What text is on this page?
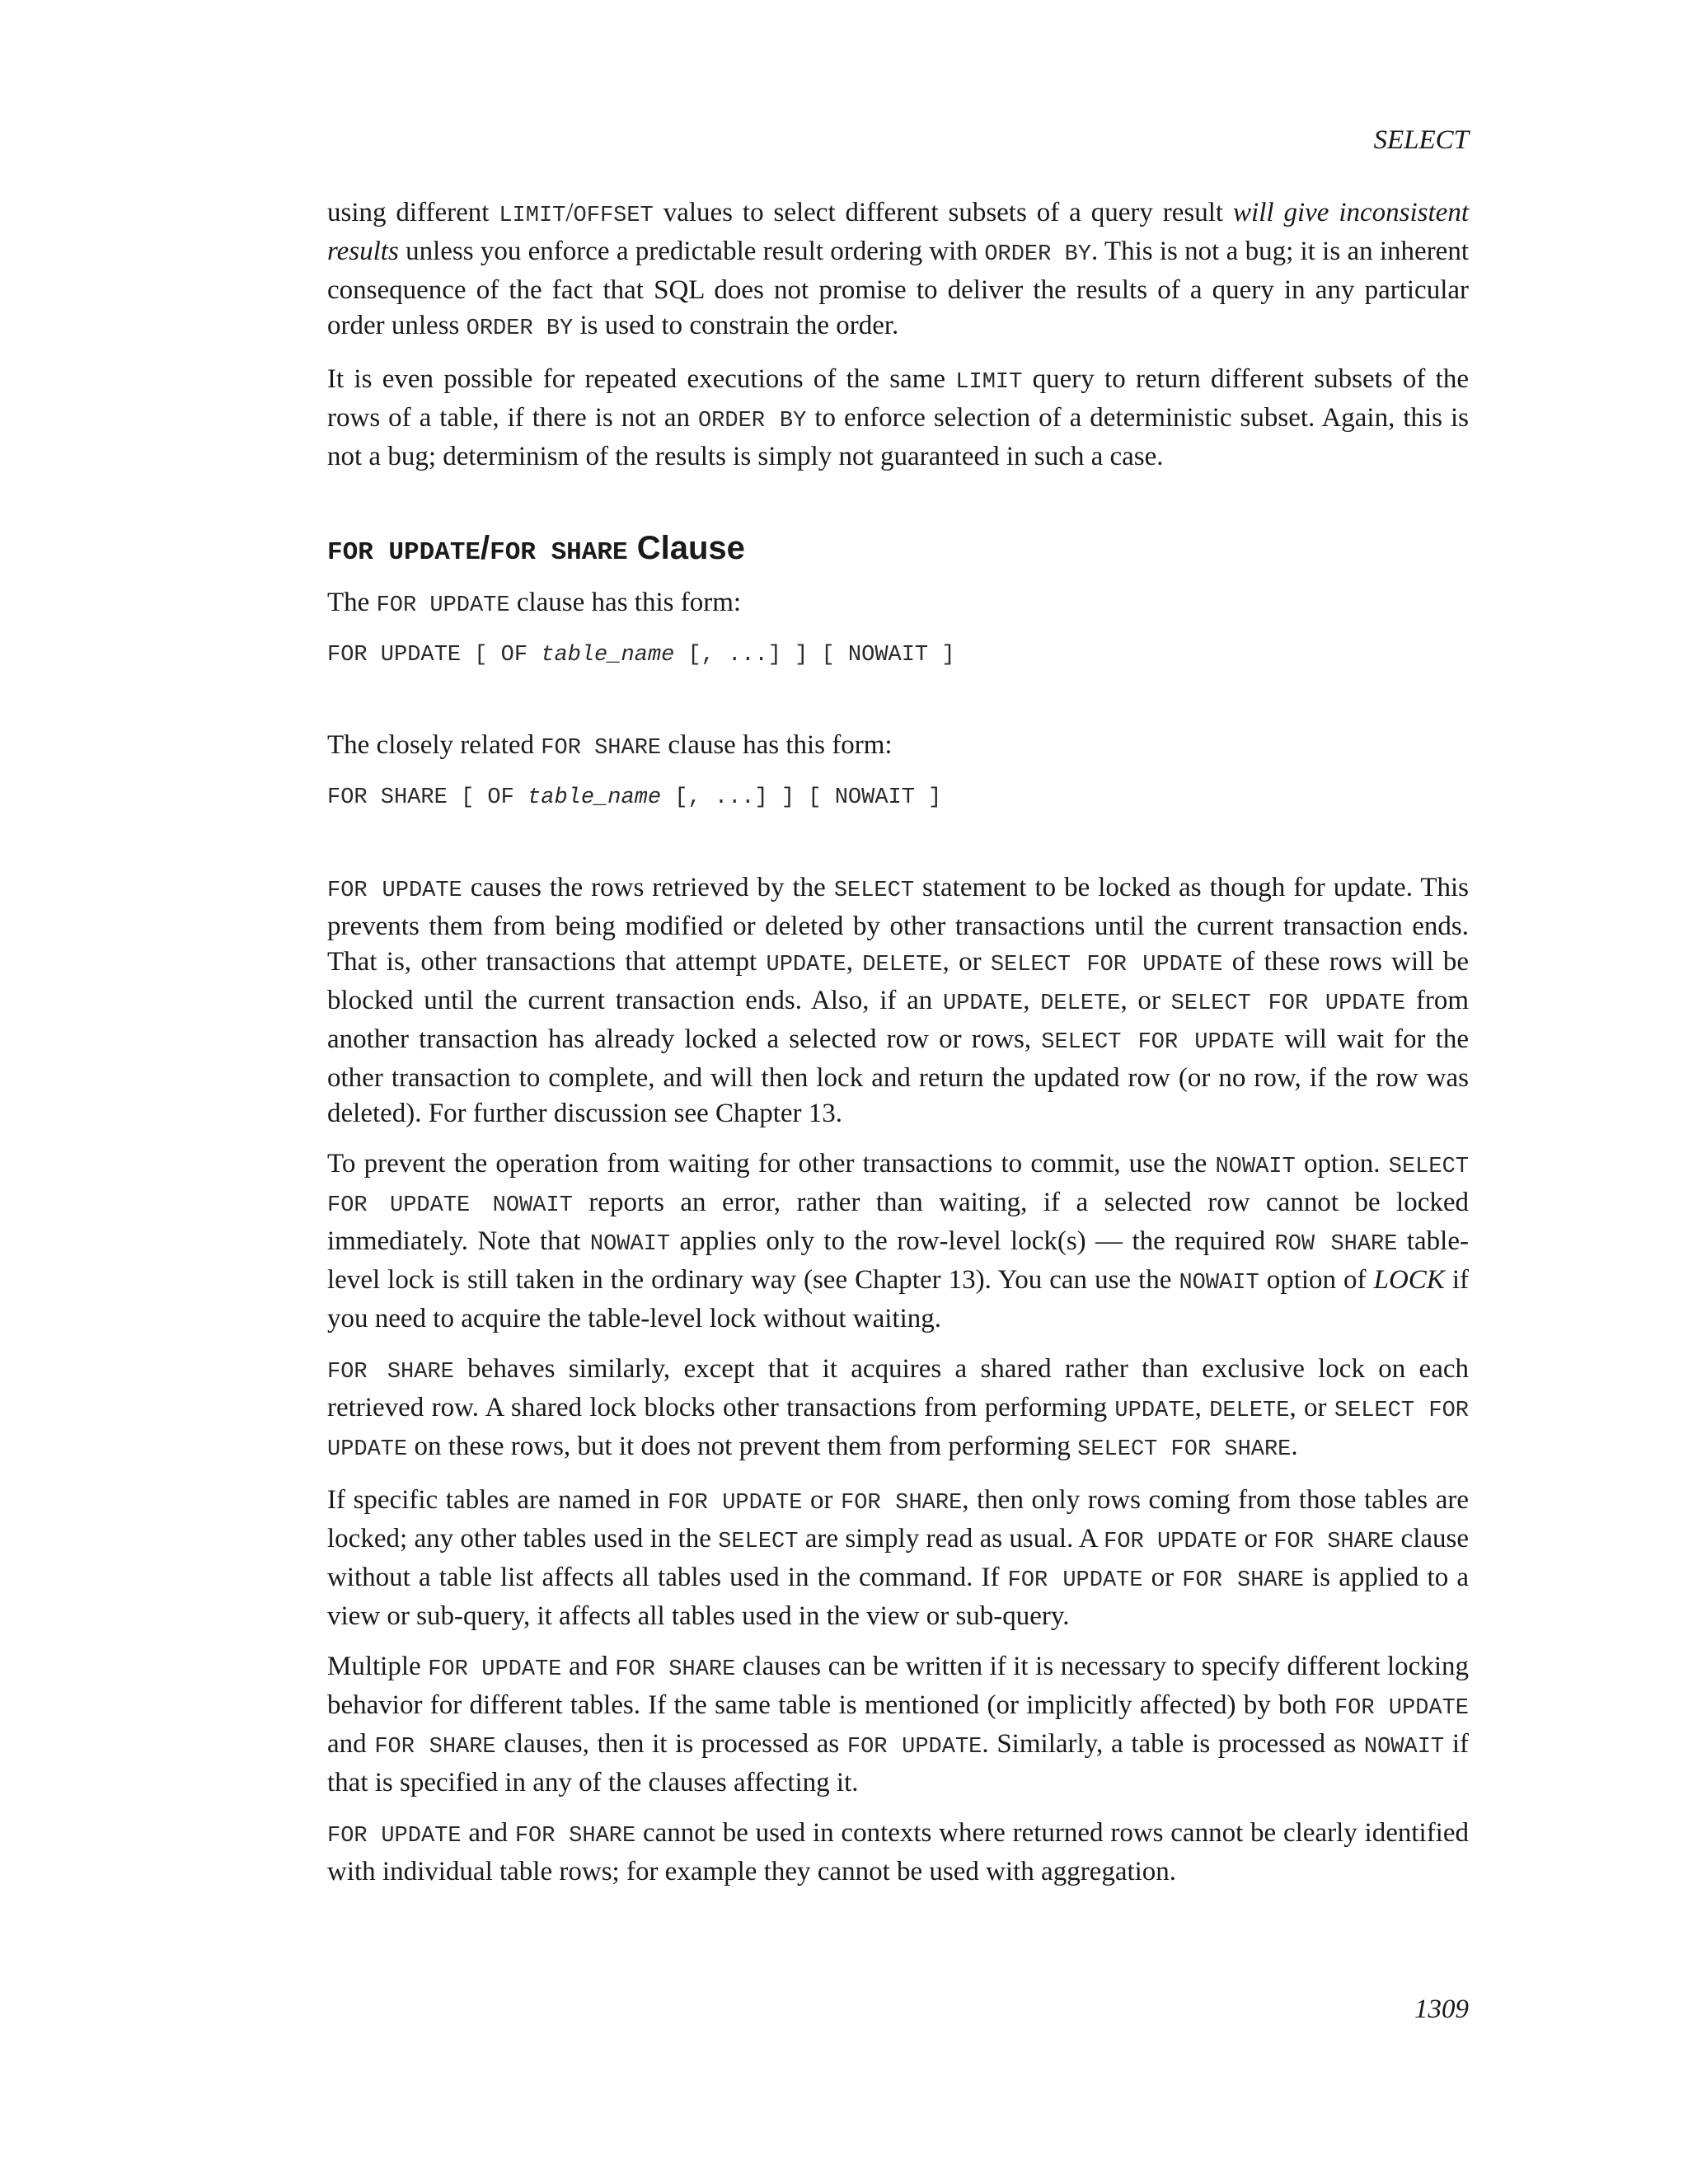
SELECT

using different LIMIT/OFFSET values to select different subsets of a query result will give inconsistent results unless you enforce a predictable result ordering with ORDER BY. This is not a bug; it is an inherent consequence of the fact that SQL does not promise to deliver the results of a query in any particular order unless ORDER BY is used to constrain the order.

It is even possible for repeated executions of the same LIMIT query to return different subsets of the rows of a table, if there is not an ORDER BY to enforce selection of a deterministic subset. Again, this is not a bug; determinism of the results is simply not guaranteed in such a case.

FOR UPDATE/FOR SHARE Clause

The FOR UPDATE clause has this form:

FOR UPDATE [ OF table_name [, ...] ] [ NOWAIT ]

The closely related FOR SHARE clause has this form:

FOR SHARE [ OF table_name [, ...] ] [ NOWAIT ]

FOR UPDATE causes the rows retrieved by the SELECT statement to be locked as though for update. This prevents them from being modified or deleted by other transactions until the current transaction ends. That is, other transactions that attempt UPDATE, DELETE, or SELECT FOR UPDATE of these rows will be blocked until the current transaction ends. Also, if an UPDATE, DELETE, or SELECT FOR UPDATE from another transaction has already locked a selected row or rows, SELECT FOR UPDATE will wait for the other transaction to complete, and will then lock and return the updated row (or no row, if the row was deleted). For further discussion see Chapter 13.

To prevent the operation from waiting for other transactions to commit, use the NOWAIT option. SELECT FOR UPDATE NOWAIT reports an error, rather than waiting, if a selected row cannot be locked immediately. Note that NOWAIT applies only to the row-level lock(s) — the required ROW SHARE table-level lock is still taken in the ordinary way (see Chapter 13). You can use the NOWAIT option of LOCK if you need to acquire the table-level lock without waiting.

FOR SHARE behaves similarly, except that it acquires a shared rather than exclusive lock on each retrieved row. A shared lock blocks other transactions from performing UPDATE, DELETE, or SELECT FOR UPDATE on these rows, but it does not prevent them from performing SELECT FOR SHARE.

If specific tables are named in FOR UPDATE or FOR SHARE, then only rows coming from those tables are locked; any other tables used in the SELECT are simply read as usual. A FOR UPDATE or FOR SHARE clause without a table list affects all tables used in the command. If FOR UPDATE or FOR SHARE is applied to a view or sub-query, it affects all tables used in the view or sub-query.

Multiple FOR UPDATE and FOR SHARE clauses can be written if it is necessary to specify different locking behavior for different tables. If the same table is mentioned (or implicitly affected) by both FOR UPDATE and FOR SHARE clauses, then it is processed as FOR UPDATE. Similarly, a table is processed as NOWAIT if that is specified in any of the clauses affecting it.

FOR UPDATE and FOR SHARE cannot be used in contexts where returned rows cannot be clearly identified with individual table rows; for example they cannot be used with aggregation.

1309
